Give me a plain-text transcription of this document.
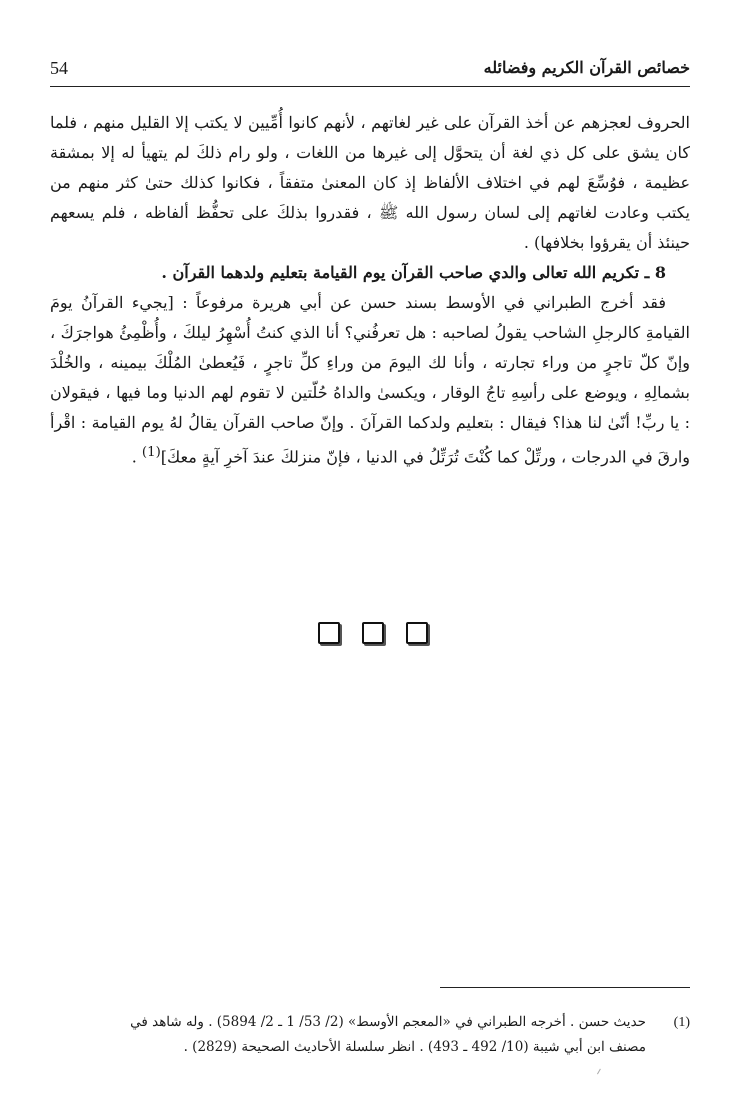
54	خصائص القرآن الكريم وفضائله

الحروف لعجزهم عن أخذ القرآن على غير لغاتهم ، لأنهم كانوا أُمِّيين لا يكتب إلا القليل منهم ، فلما كان يشق على كل ذي لغة أن يتحوَّل إلى غيرها من اللغات ، ولو رام ذلكَ لم يتهيأ له إلا بمشقة عظيمة ، فوُسِّعَ لهم في اختلاف الألفاظ إذ كان المعنىٰ متفقاً ، فكانوا كذلك حتىٰ كثر منهم من يكتب وعادت لغاتهم إلى لسان رسول الله ﷺ ، فقدروا بذلكَ على تحفُّظ ألفاظه ، فلم يسعهم حينئذ أن يقرؤوا بخلافها) .

8 ـ تكريم الله تعالى والدي صاحب القرآن يوم القيامة بتعليم ولدهما القرآن .

فقد أخرج الطبراني في الأوسط بسند حسن عن أبي هريرة مرفوعاً : [يجيء القرآنُ يومَ القيامةِ كالرجلِ الشاحب يقولُ لصاحبه : هل تعرفُني؟ أنا الذي كنتُ أُسْهِرُ ليلكَ ، وأُظْمِئُ هواجرَكَ ، وإنّ كلّ تاجرٍ من وراء تجارته ، وأنا لك اليومَ من وراءِ كلِّ تاجرٍ ، فَيُعطىٰ المُلْكَ بيمينه ، والخُلْدَ بشمالِهِ ، ويوضع على رأسِهِ تاجُ الوقار ، ويكسىٰ والداهُ حُلّتين لا تقوم لهم الدنيا وما فيها ، فيقولان : يا ربِّ! أنّىٰ لنا هذا؟ فيقال : بتعليم ولدكما القرآنَ . وإنّ صاحب القرآن يقالُ لهُ يوم القيامة : اقْرأ وارقَ في الدرجات ، ورتِّلْ كما كُنْتَ تُرَتِّلُ في الدنيا ، فإنّ منزلكَ عندَ آخرِ آيةٍ معكَ]$^{(1)}$ .

(1)
حديث حسن . أخرجه الطبراني في «المعجم الأوسط» (2/ 53/ 1 ـ 2/ 5894) . وله شاهد في
مصنف ابن أبي شيبة (10/ 492 ـ 493) . انظر سلسلة الأحاديث الصحيحة (2829) .
